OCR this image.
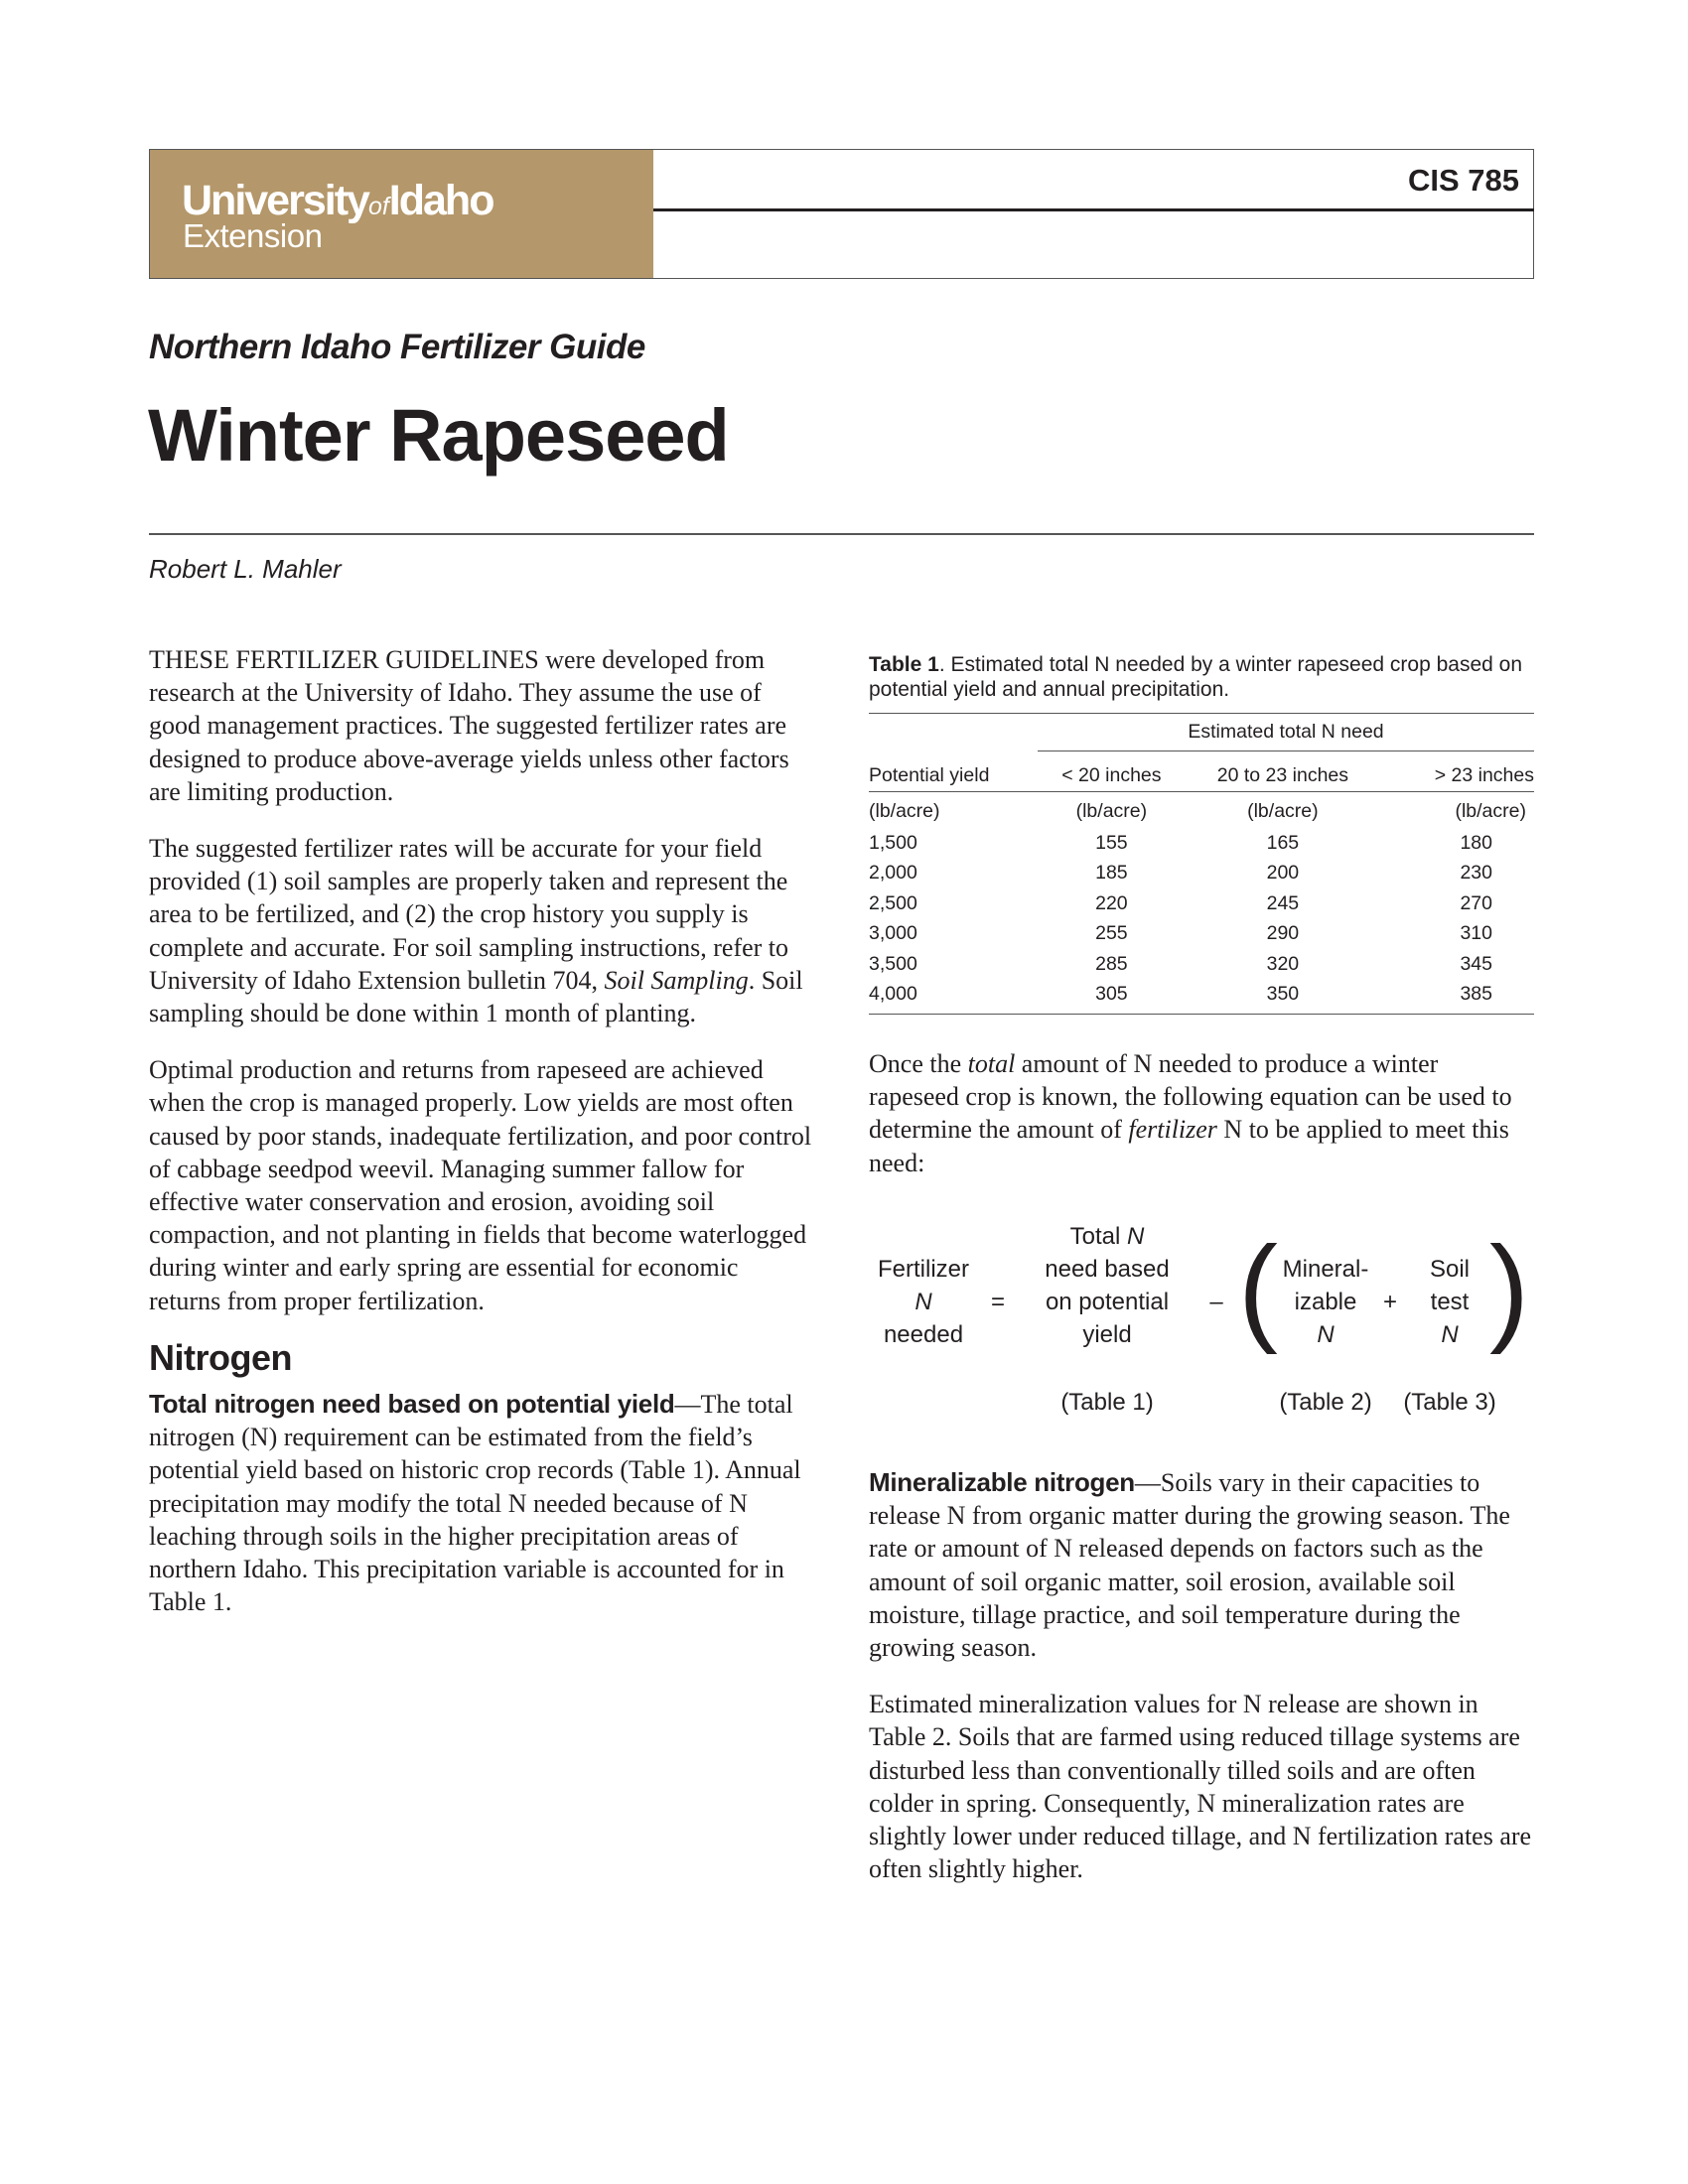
UniversityofIdaho
Extension
CIS 785
Northern Idaho Fertilizer Guide
Winter Rapeseed
Robert L. Mahler

THESE FERTILIZER GUIDELINES were developed from research at the University of Idaho. They assume the use of good management practices. The suggested fertilizer rates are designed to produce above-average yields unless other factors are limiting production.

The suggested fertilizer rates will be accurate for your field provided (1) soil samples are properly taken and represent the area to be fertilized, and (2) the crop history you supply is complete and accurate. For soil sampling instructions, refer to University of Idaho Extension bulletin 704, Soil Sampling. Soil sampling should be done within 1 month of planting.

Optimal production and returns from rapeseed are achieved when the crop is managed properly. Low yields are most often caused by poor stands, inadequate fertilization, and poor control of cabbage seedpod weevil. Managing summer fallow for effective water conservation and erosion, avoiding soil compaction, and not planting in fields that become waterlogged during winter and early spring are essential for economic returns from proper fertilization.

Nitrogen

Total nitrogen need based on potential yield—The total nitrogen (N) requirement can be estimated from the field’s potential yield based on historic crop records (Table 1). Annual precipitation may modify the total N needed because of N leaching through soils in the higher precipitation areas of northern Idaho. This precipitation variable is accounted for in Table 1.

Table 1. Estimated total N needed by a winter rapeseed crop based on potential yield and annual precipitation.
	Estimated total N need		
Potential yield	< 20 inches	20 to 23 inches	> 23 inches
(lb/acre)	(lb/acre)	(lb/acre)	(lb/acre)
1,500	155	165	180
2,000	185	200	230
2,500	220	245	270
3,000	255	290	310
3,500	285	320	345
4,000	305	350	385

Once the total amount of N needed to produce a winter rapeseed crop is known, the following equation can be used to determine the amount of fertilizer N to be applied to meet this need:

Fertilizer
N
needed
=
Total N
need based
on potential
yield
– ( Mineral-
izable
N
+
Soil
test
N )
(Table 1)	(Table 2)	(Table 3)

Mineralizable nitrogen—Soils vary in their capacities to release N from organic matter during the growing season. The rate or amount of N released depends on factors such as the amount of soil organic matter, soil erosion, available soil moisture, tillage practice, and soil temperature during the growing season.

Estimated mineralization values for N release are shown in Table 2. Soils that are farmed using reduced tillage systems are disturbed less than conventionally tilled soils and are often colder in spring. Consequently, N mineralization rates are slightly lower under reduced tillage, and N fertilization rates are often slightly higher.
